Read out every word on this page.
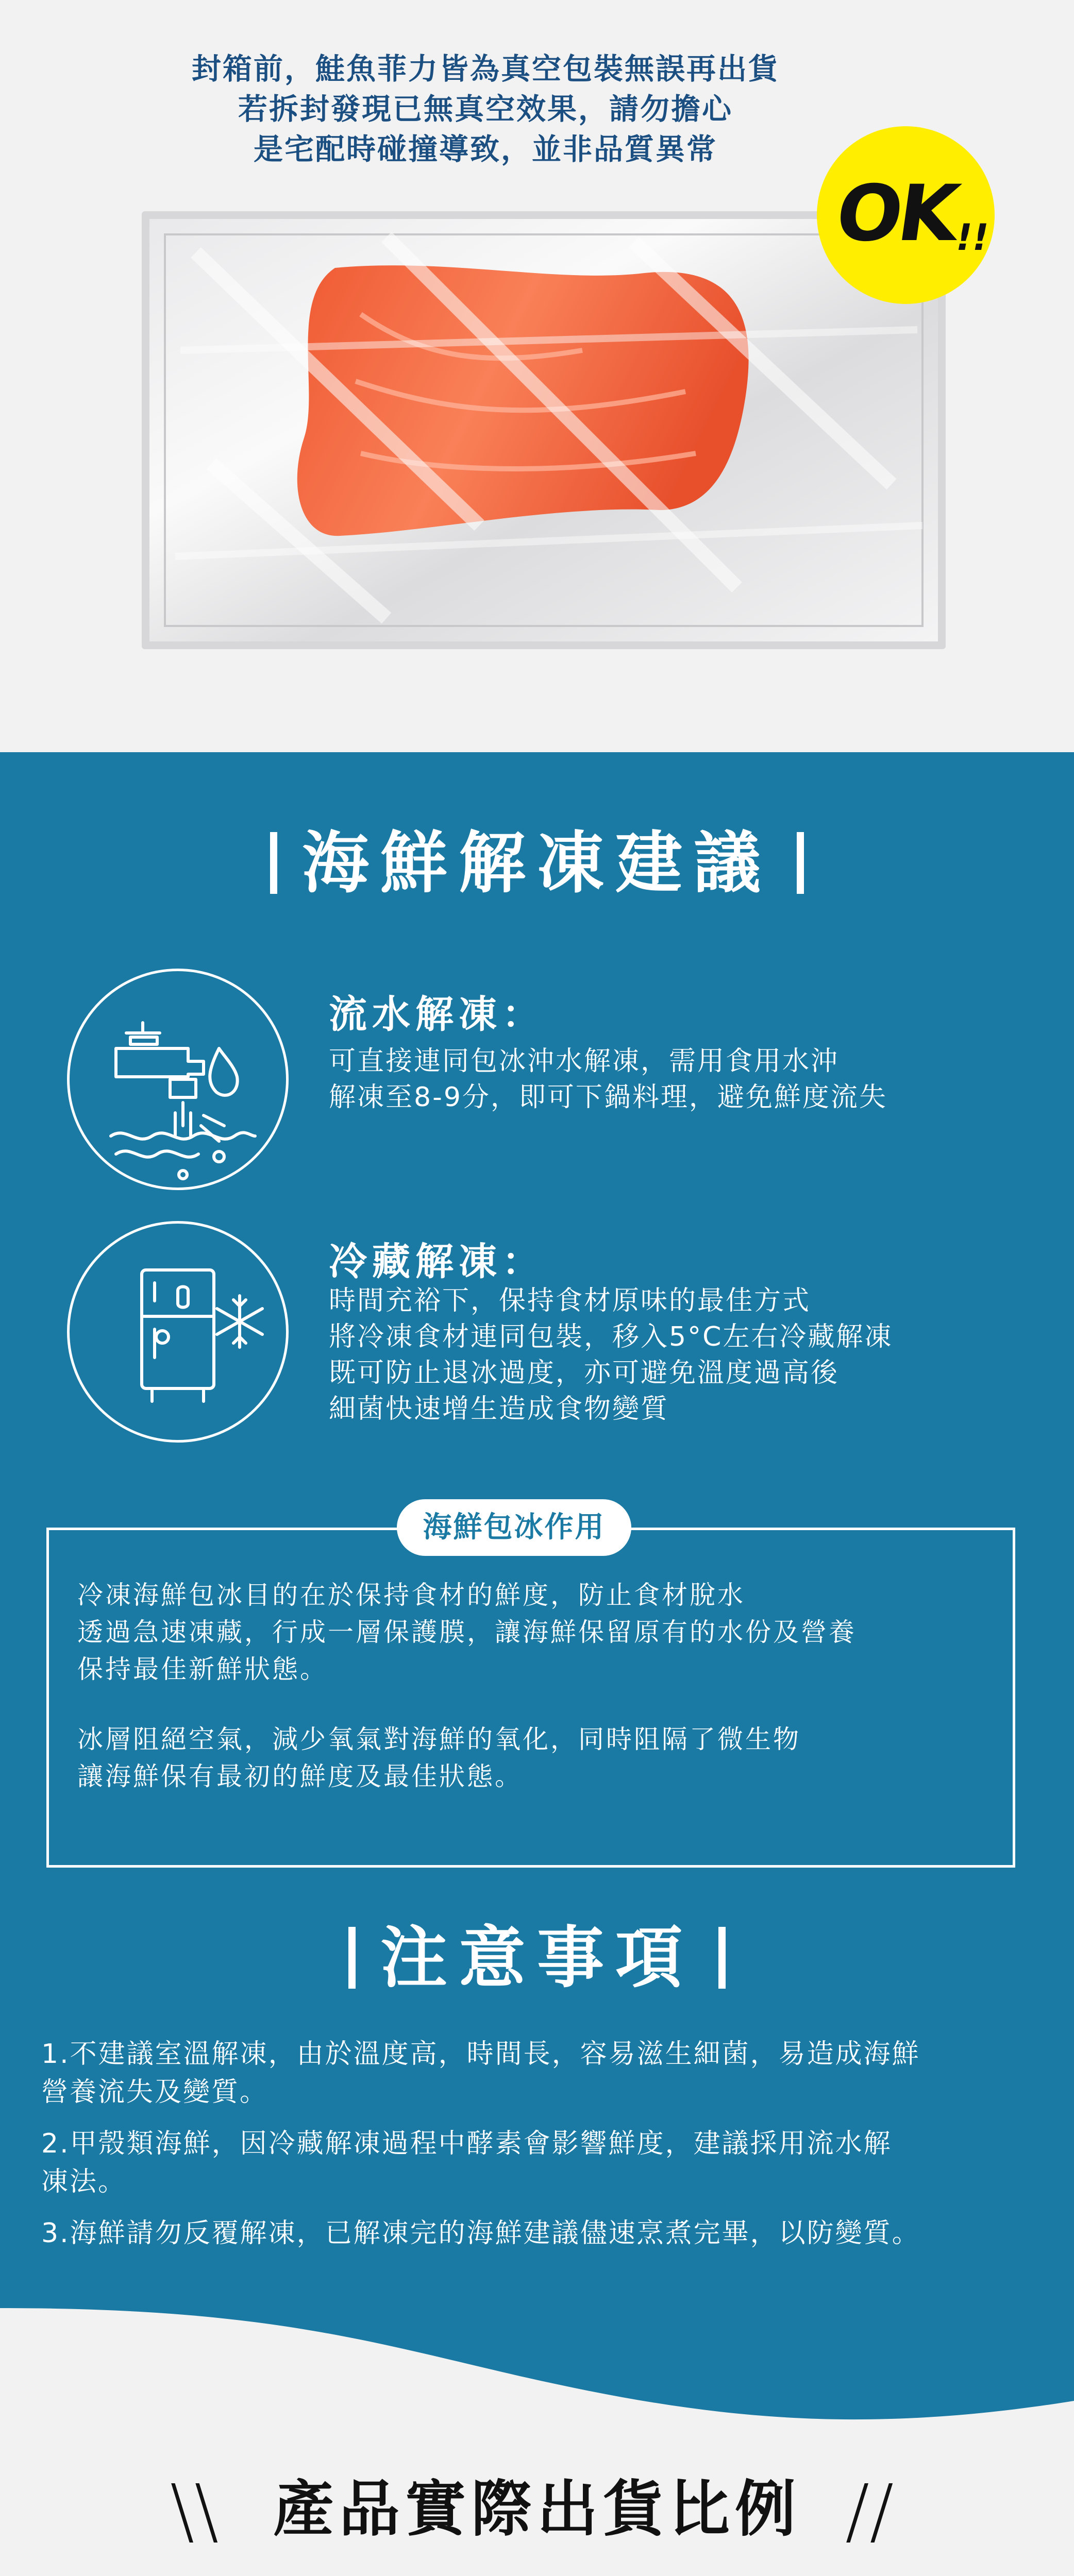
封箱前，鮭魚菲力皆為真空包裝無誤再出貨
若拆封發現已無真空效果，請勿擔心
是宅配時碰撞導致，並非品質異常
OK
!!
海鮮解凍建議
流水解凍：
可直接連同包冰沖水解凍，需用食用水沖
解凍至8-9分，即可下鍋料理，避免鮮度流失
冷藏解凍：
時間充裕下，保持食材原味的最佳方式
將冷凍食材連同包裝，移入5°C左右冷藏解凍
既可防止退冰過度，亦可避免溫度過高後
細菌快速增生造成食物變質
海鮮包冰作用
冷凍海鮮包冰目的在於保持食材的鮮度，防止食材脫水
透過急速凍藏，行成一層保護膜，讓海鮮保留原有的水份及營養
保持最佳新鮮狀態。
冰層阻絕空氣，減少氧氣對海鮮的氧化，同時阻隔了微生物
讓海鮮保有最初的鮮度及最佳狀態。
注意事項
1.不建議室溫解凍，由於溫度高，時間長，容易滋生細菌，易造成海鮮
營養流失及變質。
2.甲殼類海鮮，因冷藏解凍過程中酵素會影響鮮度，建議採用流水解
凍法。
3.海鮮請勿反覆解凍，已解凍完的海鮮建議儘速烹煮完畢，以防變質。
\\ 產品實際出貨比例 //
